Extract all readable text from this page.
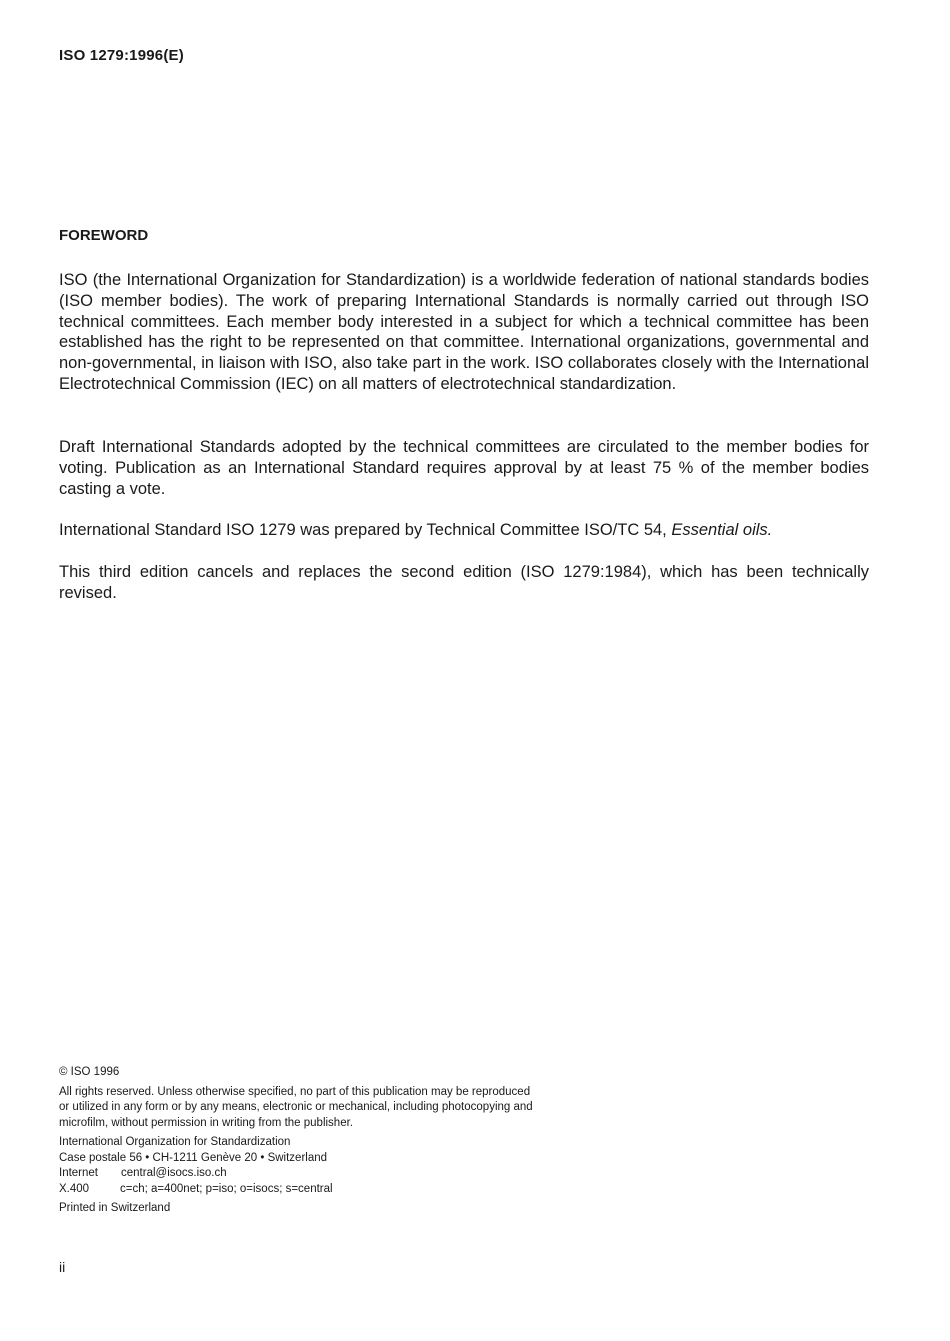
ISO 1279:1996(E)
FOREWORD

ISO (the International Organization for Standardization) is a worldwide federation of national standards bodies (ISO member bodies). The work of preparing International Standards is normally carried out through ISO technical committees. Each member body interested in a subject for which a technical committee has been established has the right to be represented on that committee. International organizations, governmental and non-governmental, in liaison with ISO, also take part in the work. ISO collaborates closely with the International Electrotechnical Commission (IEC) on all matters of electrotechnical standardization.

Draft International Standards adopted by the technical committees are circulated to the member bodies for voting. Publication as an International Standard requires approval by at least 75 % of the member bodies casting a vote.

International Standard ISO 1279 was prepared by Technical Committee ISO/TC 54, Essential oils.

This third edition cancels and replaces the second edition (ISO 1279:1984), which has been technically revised.

© ISO 1996
All rights reserved. Unless otherwise specified, no part of this publication may be reproduced
or utilized in any form or by any means, electronic or mechanical, including photocopying and
microfilm, without permission in writing from the publisher.
International Organization for Standardization
Case postale 56 • CH-1211 Genève 20 • Switzerland
Internet central@isocs.iso.ch
X.400	c=ch; a=400net; p=iso; o=isocs; s=central
Printed in Switzerland
ii
